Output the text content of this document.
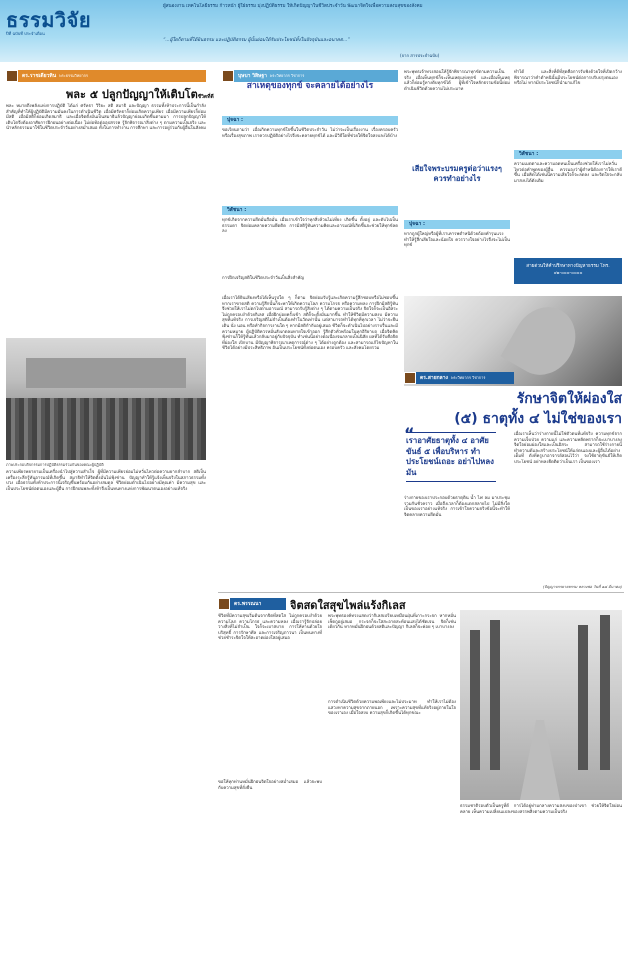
ธรรมวิจัย
ปีที่ ฉบับที่ ประจำเดือน
ผู้สนองงาน เทคโนโลยีธรรม ก้าวหน้า ผู้ใฝ่ธรรม มุ่งปฏิบัติธรรม ให้เกิดปัญญาในชีวิตประจำวัน พัฒนาจิตใจเพื่อความสงบสุขของสังคม
“...ผู้ใดก็ตามที่ได้ยินธรรม และปฏิบัติธรรม ผู้นั้นย่อมได้รับประโยชน์ทั้งในปัจจุบันและอนาคต...”
(จาก สารประจำฉบับ)
ดร.ราชเดียวทิน พระธรรมวิทยากร
พละ ๕ ปลูกปัญญาให้เติบโตชีวิตที่ดี
พละ หมายถึงพลังแห่งการปฏิบัติ ได้แก่ ศรัทธา วิริยะ สติ สมาธิ และปัญญา ธรรมทั้งห้าประการนี้เป็นกำลังสำคัญที่ทำให้ผู้ปฏิบัติมีความมั่นคงในการดำเนินชีวิต เมื่อมีศรัทธาก็ย่อมเกิดความเพียร เมื่อมีความเพียรก็ย่อมมีสติ เมื่อมีสติก็ย่อมเกิดสมาธิ และเมื่อจิตตั้งมั่นเป็นสมาธิแล้วปัญญาย่อมเกิดขึ้นตามมา การปลูกปัญญาให้เติบโตจึงต้องอาศัยการฝึกฝนอย่างต่อเนื่อง ไม่ย่อท้อต่ออุปสรรค รู้จักพิจารณาสิ่งต่าง ๆ ตามความเป็นจริง และนำหลักธรรมมาใช้ในชีวิตประจำวันอย่างสม่ำเสมอ ทั้งในการทำงาน การศึกษา และการอยู่ร่วมกับผู้อื่นในสังคม
ภาพประกอบกิจกรรมการปฏิบัติธรรมร่วมกันของคณะผู้ปฏิบัติ
ความเพียรพยายามเป็นเครื่องนำไปสู่ความสำเร็จ ผู้ที่มีความเพียรย่อมไม่หวั่นไหวต่อความยากลำบาก สติเป็นเครื่องระลึกรู้ทันอารมณ์ที่เกิดขึ้น สมาธิทำให้จิตตั้งมั่นไม่ฟุ้งซ่าน ปัญญาทำให้รู้แจ้งเห็นจริงในสภาวธรรมทั้งปวง เมื่อธรรมทั้งห้าประการนี้เจริญขึ้นพร้อมกันอย่างสมดุล ชีวิตย่อมดำเนินไปอย่างมีคุณค่า มีความสุข และเป็นประโยชน์ต่อตนเองและผู้อื่น การฝึกฝนพละทั้งห้าจึงเป็นหนทางแห่งการพัฒนาตนเองอย่างแท้จริง
บุษบา วิสิษฐา พระวิทยากร วิชาการ
สาเหตุของทุกข์ จะคลายได้อย่างไร
ปุจฉา :
ขอเรียนถามว่า เมื่อเกิดความทุกข์ใจขึ้นในชีวิตประจำวัน ไม่ว่าจะเป็นเรื่องงาน เรื่องครอบครัว หรือเรื่องสุขภาพ เราควรปฏิบัติอย่างไรจึงจะคลายทุกข์ได้ และมีวิธีใดที่ช่วยให้จิตใจสงบลงได้บ้าง
วิสัชนา :
ทุกข์เกิดจากความยึดมั่นถือมั่น เมื่อเราเข้าใจว่าทุกสิ่งล้วนไม่เที่ยง เกิดขึ้น ตั้งอยู่ และดับไปเป็นธรรมดา จิตย่อมคลายความยึดติด การมีสติรู้ทันความคิดและอารมณ์ที่เกิดขึ้นจะช่วยให้ทุกข์ลดลง
การฝึกเจริญสติในชีวิตประจำวันเป็นสิ่งสำคัญ
เมื่อเราได้ยินเสียงหรือได้เห็นรูปใด ๆ ก็ตาม จิตย่อมรับรู้และเกิดความรู้สึกชอบหรือไม่ชอบขึ้น หากเราขาดสติ ความรู้สึกนั้นก็จะพาให้เกิดความโลภ ความโกรธ หรือความหลง การฝึกมีสติรู้ทันจึงช่วยให้เราไม่ตกไปตามอารมณ์ สามารถรับรู้สิ่งต่าง ๆ ได้ตามความเป็นจริง จิตใจก็จะเป็นอิสระ ไม่ถูกครอบงำด้วยกิเลส เมื่อฝึกบ่อยครั้งเข้า สติก็จะตั้งมั่นมากขึ้น ทำให้ชีวิตมีความสงบ มีความสุขที่แท้จริง การเจริญสติไม่จำเป็นต้องทำในวัดเท่านั้น แต่สามารถทำได้ทุกที่ทุกเวลา ไม่ว่าจะยืน เดิน นั่ง นอน หรือทำกิจการงานใด ๆ หากมีสติกำกับอยู่เสมอ ชีวิตก็จะดำเนินไปอย่างราบรื่นและมีความหมาย ผู้ปฏิบัติควรหมั่นสังเกตลมหายใจเข้าออก รู้สึกตัวทั่วพร้อมในทุกอิริยาบถ เมื่อจิตคิดฟุ้งซ่านก็ให้รู้ทันแล้วกลับมาอยู่กับปัจจุบัน ทำเช่นนี้อย่างต่อเนื่องจนกลายเป็นนิสัย ผลที่ได้รับคือจิตที่ผ่องใส เบิกบาน มีปัญญาพิจารณาเหตุการณ์ต่าง ๆ ได้อย่างถูกต้อง และสามารถแก้ไขปัญหาในชีวิตได้อย่างมีประสิทธิภาพ อันเป็นประโยชน์ทั้งต่อตนเอง ครอบครัว และสังคมโดยรวม
พระพุทธเจ้าทรงสอนให้รู้จักพิจารณาทุกข์ตามความเป็นจริง เมื่อเห็นทุกข์ก็จะเห็นเหตุแห่งทุกข์ และเมื่อเห็นเหตุแล้วก็ย่อมรู้ทางดับทุกข์ได้ ผู้ที่เข้าใจหลักธรรมข้อนี้ย่อมดำเนินชีวิตด้วยความไม่ประมาท
เสียใจพระบรมครูต่อว่าแรงๆ ควรทำอย่างไร
ปุจฉา :
หากถูกผู้ใหญ่หรือผู้ที่เราเคารพตำหนิด้วยถ้อยคำรุนแรง ทำให้รู้สึกเสียใจและน้อยใจ ควรวางใจอย่างไรจึงจะไม่เป็นทุกข์
ทำได้ และสิ่งที่ดีที่สุดคือการรับฟังด้วยใจที่เปิดกว้าง พิจารณาว่าคำตำหนินั้นมีประโยชน์ต่อการปรับปรุงตนเองหรือไม่ หากมีประโยชน์ก็นำมาแก้ไข
วิสัชนา :
ความเมตตาและความอดทนเป็นเครื่องช่วยให้เราไม่หวั่นไหวต่อคำพูดของผู้อื่น ควรมองว่าผู้ตำหนิต้องการให้เราดีขึ้น เมื่อคิดได้เช่นนี้ความเสียใจก็จะลดลง และจิตใจจะกลับมาสงบได้ดังเดิม
สายด่วนให้คำปรึกษาทางปัญหาธรรม โทร. ๐๒-๐๐๐-๐๐๐๐
ดร.สายกลาง พระวิทยากร วิชาการ
รักษาจิตให้ผ่องใส
(๕) ธาตุทั้ง ๔ ไม่ใช่ของเรา
“
เราอาศัยธาตุทั้ง ๔ อาศัยขันธ์ ๕ เพื่อบริหาร ทำประโยชน์เถอะ อย่าไปหลงมัน
ร่างกายของเราประกอบด้วยธาตุดิน น้ำ ไฟ ลม มาประชุมรวมกันชั่วคราว เมื่อถึงเวลาก็ต้องแตกสลายไป ไม่มีสิ่งใดเป็นของเราอย่างแท้จริง การเข้าใจความจริงข้อนี้จะทำให้จิตคลายความยึดมั่น
เมื่อเราเห็นว่าร่างกายนี้ไม่ใช่ตัวตนที่แท้จริง ความทุกข์จากความเจ็บป่วย ความแก่ และความพลัดพรากก็จะเบาบางลง จิตใจย่อมผ่องใสและเป็นอิสระ สามารถใช้ร่างกายนี้ทำความดีและสร้างประโยชน์ให้แก่ตนเองและผู้อื่นได้อย่างเต็มที่ ดังที่ครูบาอาจารย์สอนไว้ว่า จงใช้ธาตุขันธ์ให้เกิดประโยชน์ อย่าหลงยึดติดว่าเป็นเรา เป็นของเรา
(ปัญญาบรรยายธรรม หลวงพ่อ วันที่ ๑๘ มีนาคม)
ดร.พรรณนา	จิตสดใสสุขไพล่แร้งกิเลส
ชีวิตที่มีความสุขเริ่มต้นจากจิตที่สดใส ไม่ถูกครอบงำด้วยความโลภ ความโกรธ และความหลง เมื่อเรารู้จักปล่อยวางสิ่งที่ไม่จำเป็น ใจก็จะเบาสบาย การให้ทานด้วยใจบริสุทธิ์ การรักษาศีล และการเจริญภาวนา เป็นหนทางที่ช่วยชำระจิตใจให้สะอาดผ่องใสอยู่เสมอ
พระพุทธองค์ทรงแสดงว่ากิเลสเปรียบเหมือนฝุ่นที่เกาะกระจก หากหมั่นเช็ดถูอยู่เสมอ กระจกก็จะใสสะอาดสะท้อนแสงได้ชัดเจน จิตก็เช่นเดียวกัน หากหมั่นฝึกฝนด้วยสติและปัญญา กิเลสก็จะค่อย ๆ เบาบางลง
การดำเนินชีวิตด้วยความพอเพียงและไม่ประมาท ทำให้เราไม่ต้องแสวงหาความสุขจากภายนอก เพราะความสุขที่แท้จริงอยู่ภายในใจของเราเอง เมื่อใจสงบ ความสุขก็เกิดขึ้นได้ทุกขณะ
ขอให้ทุกท่านหมั่นฝึกฝนจิตใจอย่างสม่ำเสมอ แล้วจะพบกับความสุขที่ยั่งยืน
ธรรมชาติรอบตัวเป็นครูที่ดี การได้อยู่ท่ามกลางความสงบของป่าเขา ช่วยให้จิตใจผ่อนคลาย เห็นความเปลี่ยนแปลงของสรรพสิ่งตามความเป็นจริง
